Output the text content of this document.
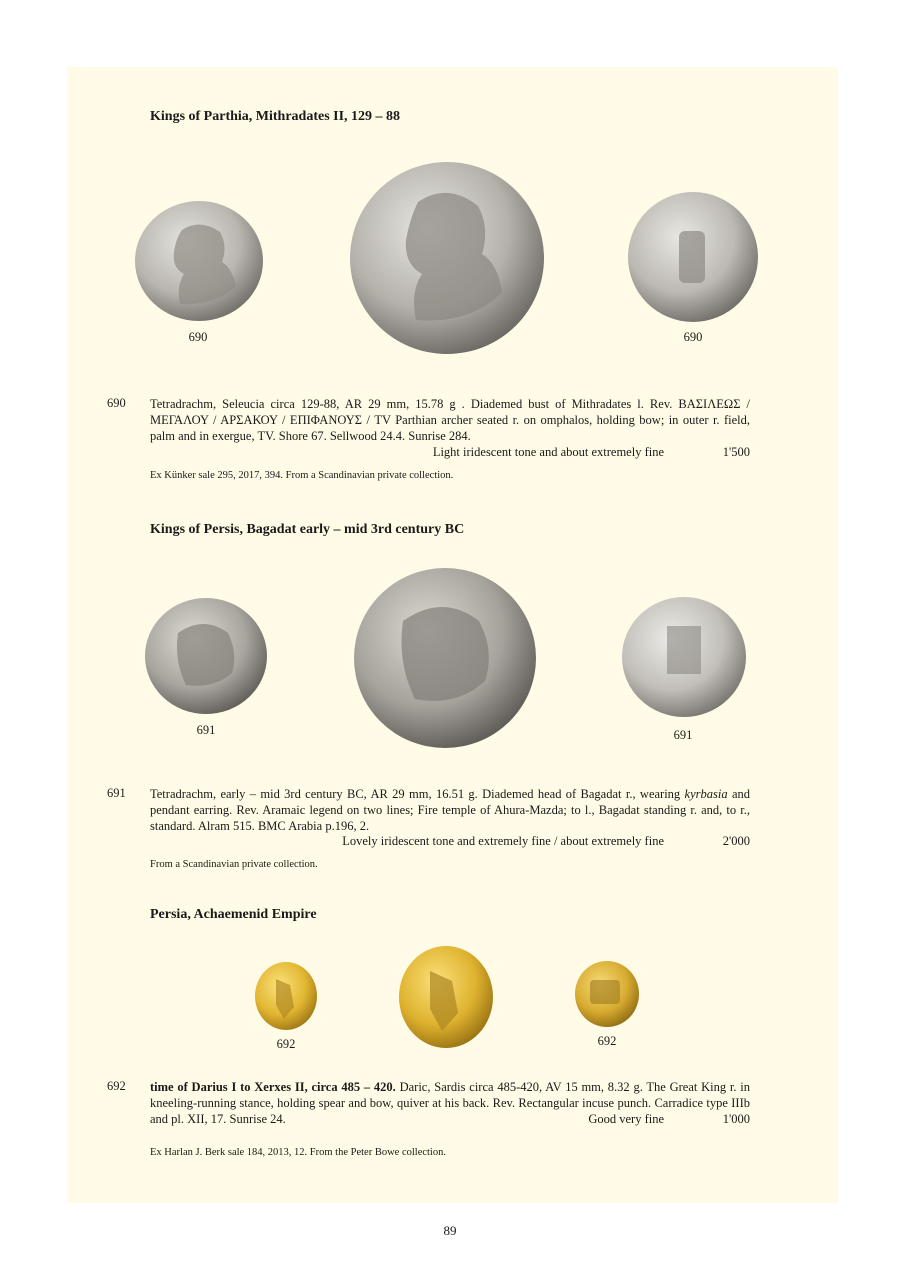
Kings of Parthia, Mithradates II, 129 – 88
690	690
690 Tetradrachm, Seleucia circa 129-88, AR 29 mm, 15.78 g . Diademed bust of Mithradates l. Rev. ΒΑΣΙΛΕΩΣ / ΜΕΓΑΛΟΥ / ΑΡΣΑΚΟΥ / ΕΠΙΦΑΝΟΥΣ / TV Parthian archer seated r. on omphalos, holding bow; in outer r. field, palm and in exergue, TV. Shore 67. Sellwood 24.4. Sunrise 284.

Light iridescent tone and about extremely fine	1'500

Ex Künker sale 295, 2017, 394. From a Scandinavian private collection.

Kings of Persis, Bagadat early – mid 3rd century BC
691	691
691 Tetradrachm, early – mid 3rd century BC, AR 29 mm, 16.51 g. Diademed head of Bagadat r., wearing kyrbasia and pendant earring. Rev. Aramaic legend on two lines; Fire temple of Ahura-Mazda; to l., Bagadat standing r. and, to r., standard. Alram 515. BMC Arabia p.196, 2.

Lovely iridescent tone and extremely fine / about extremely fine	2'000

From a Scandinavian private collection.

Persia, Achaemenid Empire
692	692
692 time of Darius I to Xerxes II, circa 485 – 420. Daric, Sardis circa 485-420, AV 15 mm, 8.32 g. The Great King r. in kneeling-running stance, holding spear and bow, quiver at his back. Rev. Rectangular incuse punch. Carradice type IIIb and pl. XII, 17. Sunrise 24.	Good very fine	1'000

Ex Harlan J. Berk sale 184, 2013, 12. From the Peter Bowe collection.

89
